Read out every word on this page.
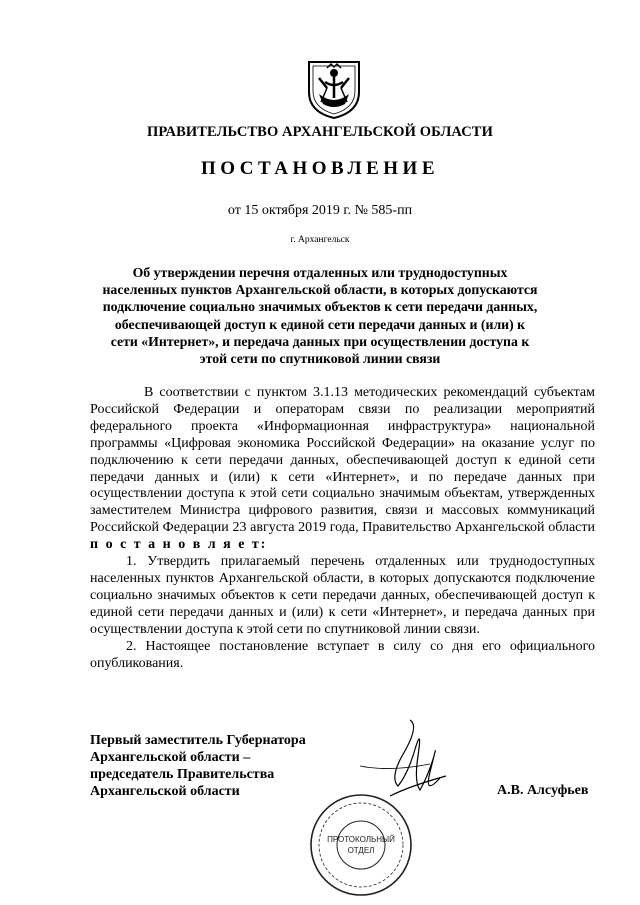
ПРАВИТЕЛЬСТВО АРХАНГЕЛЬСКОЙ ОБЛАСТИ
ПОСТАНОВЛЕНИЕ
от 15 октября 2019 г. № 585-пп
г. Архангельск
Об утверждении перечня отдаленных или труднодоступных населенных пунктов Архангельской области, в которых допускаются подключение социально значимых объектов к сети передачи данных, обеспечивающей доступ к единой сети передачи данных и (или) к сети «Интернет», и передача данных при осуществлении доступа к этой сети по спутниковой линии связи

В соответствии с пунктом 3.1.13 методических рекомендаций субъектам Российской Федерации и операторам связи по реализации мероприятий федерального проекта «Информационная инфраструктура» национальной программы «Цифровая экономика Российской Федерации» на оказание услуг по подключению к сети передачи данных, обеспечивающей доступ к единой сети передачи данных и (или) к сети «Интернет», и по передаче данных при осуществлении доступа к этой сети социально значимым объектам, утвержденных заместителем Министра цифрового развития, связи и массовых коммуникаций Российской Федерации 23 августа 2019 года, Правительство Архангельской области п о с т а н о в л я е т:

1. Утвердить прилагаемый перечень отдаленных или труднодоступных населенных пунктов Архангельской области, в которых допускаются подключение социально значимых объектов к сети передачи данных, обеспечивающей доступ к единой сети передачи данных и (или) к сети «Интернет», и передача данных при осуществлении доступа к этой сети по спутниковой линии связи.

2. Настоящее постановление вступает в силу со дня его официального опубликования.

Первый заместитель Губернатора
Архангельской области –
председатель Правительства
Архангельской области	А.В. Алсуфьев
ПРОТОКОЛЬНЫЙ
ОТДЕЛ
